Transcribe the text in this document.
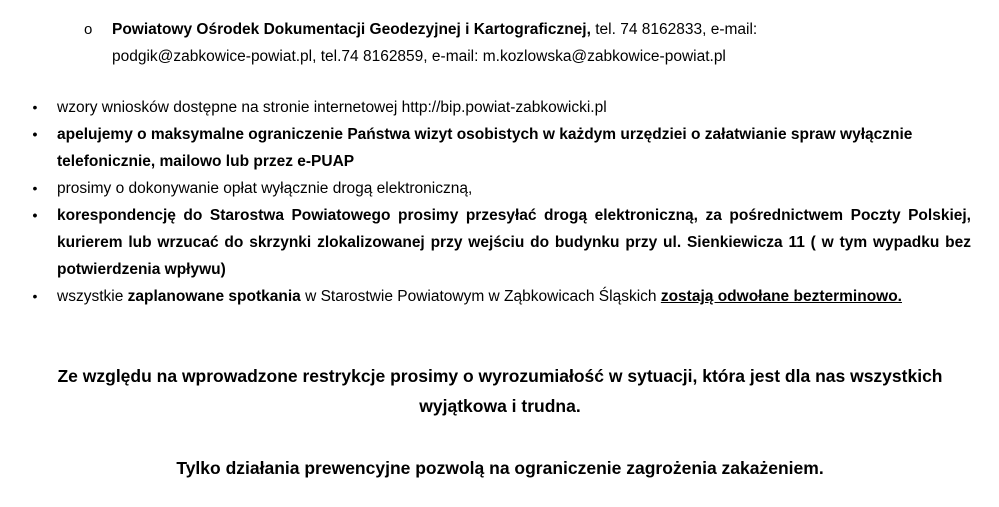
o	Powiatowy Ośrodek Dokumentacji Geodezyjnej i Kartograficznej, tel. 74 8162833, e-mail:
podgik@zabkowice-powiat.pl, tel.74 8162859, e-mail: m.kozlowska@zabkowice-powiat.pl
• wzory wniosków dostępne na stronie internetowej http://bip.powiat-zabkowicki.pl
• apelujemy o maksymalne ograniczenie Państwa wizyt osobistych w każdym urzędziei o załatwianie spraw wyłącznie telefonicznie, mailowo lub przez e-PUAP
• prosimy o dokonywanie opłat wyłącznie drogą elektroniczną,
• korespondencję do Starostwa Powiatowego prosimy przesyłać drogą elektroniczną, za pośrednictwem Poczty Polskiej, kurierem lub wrzucać do skrzynki zlokalizowanej przy wejściu do budynku przy ul. Sienkiewicza 11 ( w tym wypadku bez potwierdzenia wpływu)
• wszystkie zaplanowane spotkania w Starostwie Powiatowym w Ząbkowicach Śląskich zostają odwołane bezterminowo.
Ze względu na wprowadzone restrykcje prosimy o wyrozumiałość w sytuacji, która jest dla nas wszystkich wyjątkowa i trudna.
Tylko działania prewencyjne pozwolą na ograniczenie zagrożenia zakażeniem.
